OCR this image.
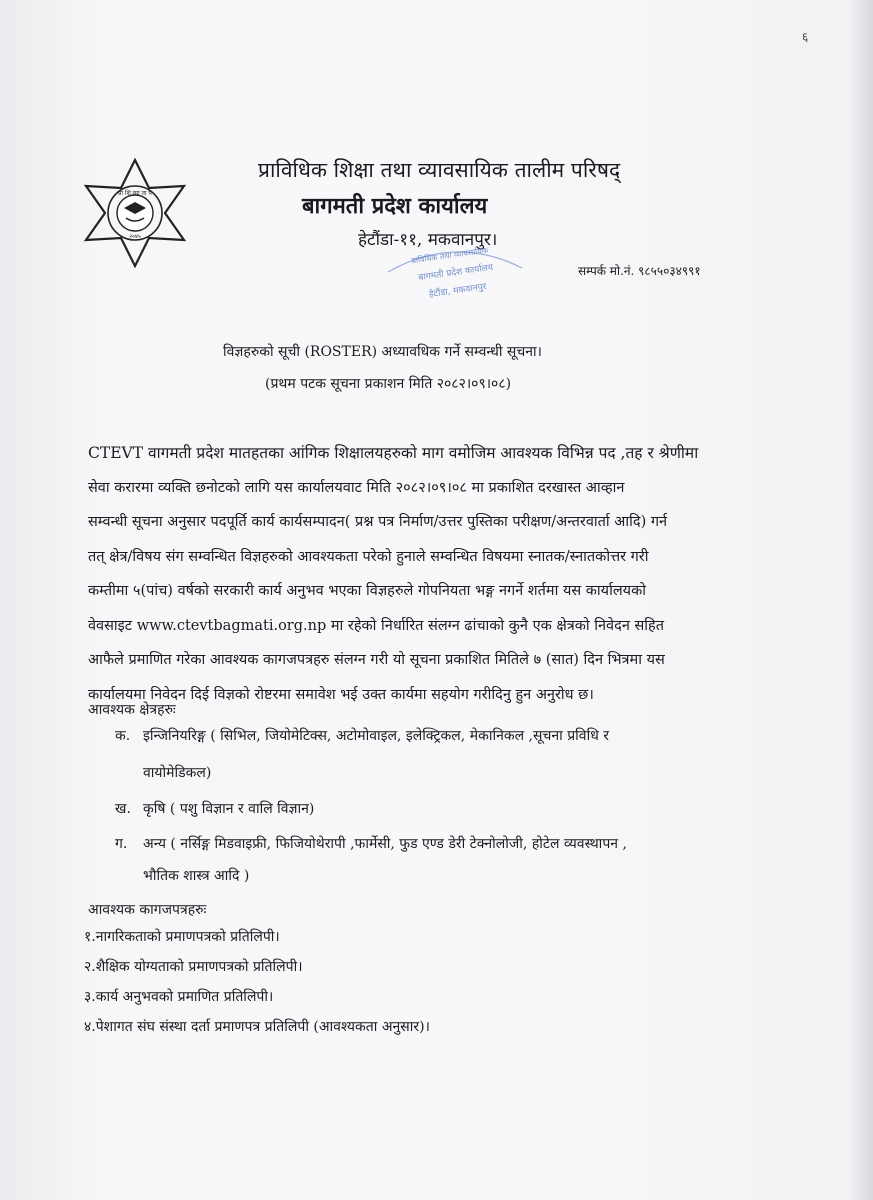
६
प्रा शि व्या ता प
२०४५
प्राविधिक शिक्षा तथा व्यावसायिक तालीम परिषद्
बागमती प्रदेश कार्यालय
हेटौंडा-११, मकवानपुर।
प्राविधिक तथा व्यावसायिक
बागमती प्रदेश कार्यालय
हेटौंडा, मकवानपुर
सम्पर्क मो.नं. ९८५५०३४९९१
विज्ञहरुको सूची (ROSTER) अध्यावधिक गर्ने सम्वन्धी सूचना।
(प्रथम पटक सूचना प्रकाशन मिति २०८२।०९।०८)
CTEVT वागमती प्रदेश मातहतका आंगिक शिक्षालयहरुको माग वमोजिम आवश्यक विभिन्न पद ,तह र श्रेणीमा
सेवा करारमा व्यक्ति छनोटको लागि यस कार्यालयवाट मिति २०८२।०९।०८ मा प्रकाशित दरखास्त आव्हान
सम्वन्धी सूचना अनुसार पदपूर्ति कार्य कार्यसम्पादन( प्रश्न पत्र निर्माण/उत्तर पुस्तिका परीक्षण/अन्तरवार्ता आदि) गर्न
तत् क्षेत्र/विषय संग सम्वन्धित विज्ञहरुको आवश्यकता परेको हुनाले सम्वन्धित विषयमा स्नातक/स्नातकोत्तर गरी
कम्तीमा ५(पांच) वर्षको सरकारी कार्य अनुभव भएका विज्ञहरुले गोपनियता भङ्ग नगर्ने शर्तमा यस कार्यालयको
वेवसाइट www.ctevtbagmati.org.np मा रहेको निर्धारित संलग्न ढांचाको कुनै एक क्षेत्रको निवेदन सहित
आफैले प्रमाणित गरेका आवश्यक कागजपत्रहरु संलग्न गरी यो सूचना प्रकाशित मितिले ७ (सात) दिन भित्रमा यस
कार्यालयमा निवेदन दिई विज्ञको रोष्टरमा समावेश भई उक्त कार्यमा सहयोग गरीदिनु हुन अनुरोध छ।
आवश्यक क्षेत्रहरुः
क. इन्जिनियरिङ्ग ( सिभिल, जियोमेटिक्स, अटोमोवाइल, इलेक्ट्रिकल, मेकानिकल ,सूचना प्रविधि र
वायोमेडिकल)
ख. कृषि ( पशु विज्ञान र वालि विज्ञान)
ग. अन्य ( नर्सिङ्ग मिडवाइफ्री, फिजियोथेरापी ,फार्मेसी, फुड एण्ड डेरी टेक्नोलोजी, होटेल व्यवस्थापन ,
भौतिक शास्त्र आदि )
आवश्यक कागजपत्रहरुः
१.नागरिकताको प्रमाणपत्रको प्रतिलिपी।
२.शैक्षिक योग्यताको प्रमाणपत्रको प्रतिलिपी।
३.कार्य अनुभवको प्रमाणित प्रतिलिपी।
४.पेशागत संघ संस्था दर्ता प्रमाणपत्र प्रतिलिपी (आवश्यकता अनुसार)।
